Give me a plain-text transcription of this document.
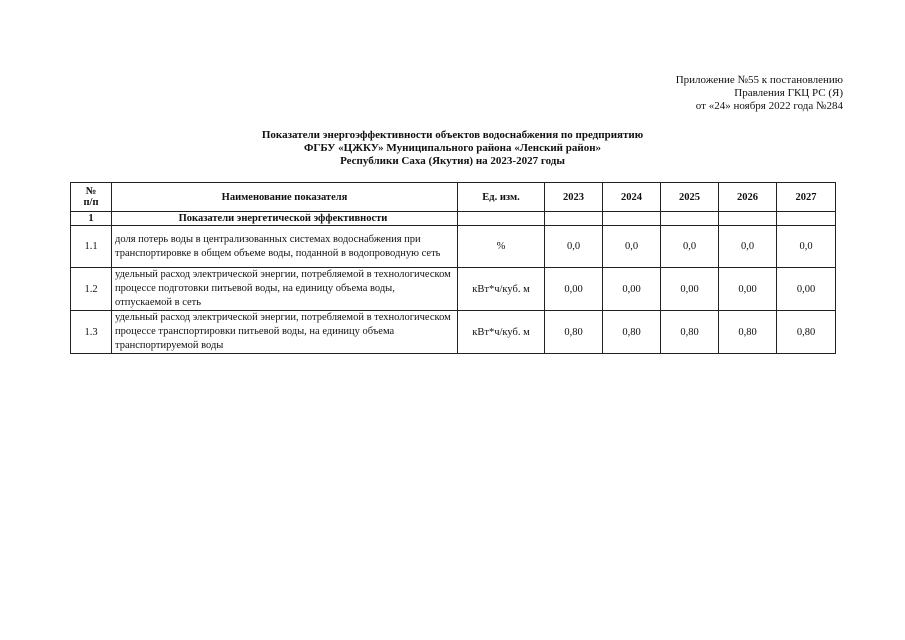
Приложение №55 к постановлению
Правления ГКЦ РС (Я)
от «24» ноября 2022 года №284
Показатели энергоэффективности объектов водоснабжения по предприятию
ФГБУ «ЦЖКУ» Муниципального района «Ленский район»
Республики Саха (Якутия) на 2023-2027 годы
№
п/п	Наименование показателя	Ед. изм.	2023	2024	2025	2026	2027
1	Показатели энергетической эффективности						
1.1	доля потерь воды в централизованных системах водоснабжения при транспортировке в общем объеме воды, поданной в водопроводную сеть	%	0,0	0,0	0,0	0,0	0,0
1.2	удельный расход электрической энергии, потребляемой в технологическом процессе подготовки питьевой воды, на единицу объема воды, отпускаемой в сеть	кВт*ч/куб. м	0,00	0,00	0,00	0,00	0,00
1.3	удельный расход электрической энергии, потребляемой в технологическом процессе транспортировки питьевой воды, на единицу объема транспортируемой воды	кВт*ч/куб. м	0,80	0,80	0,80	0,80	0,80
